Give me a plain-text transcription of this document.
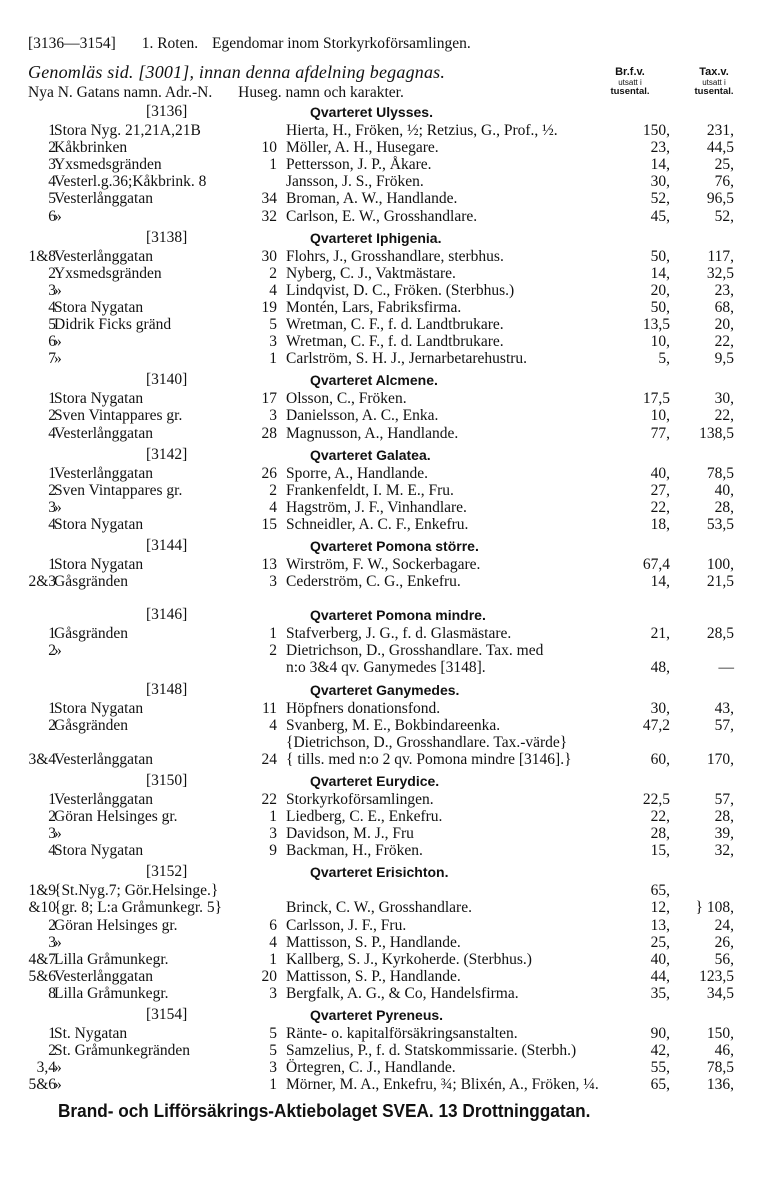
[3136—3154] 1. Roten. Egendomar inom Storkyrkoförsamlingen.
Genomläs sid. [3001], innan denna afdelning begagnas.
Nya N. Gatans namn. Adr.-N. Huseg. namn och karakter.
Br.f.v.
utsatt i
tusental.
Tax.v.
utsatt i
tusental.
[3136]	Qvarteret Ulysses.
1
Stora Nyg. 21,21A,21B	Hierta, H., Fröken, ½; Retzius, G., Prof., ½.	150,	231,
2
Kåkbrinken	10 Möller, A. H., Husegare.	23,	44,5
3
Yxsmedsgränden	1 Pettersson, J. P., Åkare.	14,	25,
4
Vesterl.g.36;Kåkbrink. 8	Jansson, J. S., Fröken.	30,	76,
5
Vesterlånggatan	34 Broman, A. W., Handlande.	52,	96,5
6
»	32 Carlson, E. W., Grosshandlare.	45,	52,
[3138]	Qvarteret Iphigenia.
1&8
Vesterlånggatan	30 Flohrs, J., Grosshandlare, sterbhus.	50,	117,
2
Yxsmedsgränden	2 Nyberg, C. J., Vaktmästare.	14,	32,5
3
»	4 Lindqvist, D. C., Fröken. (Sterbhus.)	20,	23,
4
Stora Nygatan	19 Montén, Lars, Fabriksfirma.	50,	68,
5
Didrik Ficks gränd	5 Wretman, C. F., f. d. Landtbrukare.	13,5	20,
6
»	3 Wretman, C. F., f. d. Landtbrukare.	10,	22,
7
»	1 Carlström, S. H. J., Jernarbetarehustru.	5,	9,5
[3140]	Qvarteret Alcmene.
1
Stora Nygatan	17 Olsson, C., Fröken.	17,5	30,
2
Sven Vintappares gr.	3 Danielsson, A. C., Enka.	10,	22,
4
Vesterlånggatan	28 Magnusson, A., Handlande.	77,	138,5
[3142]	Qvarteret Galatea.
1
Vesterlånggatan	26 Sporre, A., Handlande.	40,	78,5
2
Sven Vintappares gr.	2 Frankenfeldt, I. M. E., Fru.	27,	40,
3
»	4 Hagström, J. F., Vinhandlare.	22,	28,
4
Stora Nygatan	15 Schneidler, A. C. F., Enkefru.	18,	53,5
[3144]	Qvarteret Pomona större.
1
Stora Nygatan	13 Wirström, F. W., Sockerbagare.	67,4	100,
2&3
Gåsgränden	3 Cederström, C. G., Enkefru.	14,	21,5
[3146]	Qvarteret Pomona mindre.
1
Gåsgränden	1 Stafverberg, J. G., f. d. Glasmästare.	21,	28,5
2
»	2 Dietrichson, D., Grosshandlare. Tax. med
n:o 3&4 qv. Ganymedes [3148].	48,	—
[3148]	Qvarteret Ganymedes.
1
Stora Nygatan	11 Höpfners donationsfond.	30,	43,
2
Gåsgränden	4 Svanberg, M. E., Bokbindareenka.	47,2	57,
{Dietrichson, D., Grosshandlare. Tax.-värde}
3&4
Vesterlånggatan	24 { tills. med n:o 2 qv. Pomona mindre [3146].}	60,	170,
[3150]	Qvarteret Eurydice.
1
Vesterlånggatan	22 Storkyrkoförsamlingen.	22,5	57,
2
Göran Helsinges gr.	1 Liedberg, C. E., Enkefru.	22,	28,
3
»	3 Davidson, M. J., Fru	28,	39,
4
Stora Nygatan	9 Backman, H., Fröken.	15,	32,
[3152]	Qvarteret Erisichton.
1&9
{St.Nyg.7; Gör.Helsinge.}	65,
&10
{gr. 8; L:a Gråmunkegr. 5}	Brinck, C. W., Grosshandlare.	12,	} 108,
2
Göran Helsinges gr.	6 Carlsson, J. F., Fru.	13,	24,
3
»	4 Mattisson, S. P., Handlande.	25,	26,
4&7
Lilla Gråmunkegr.	1 Kallberg, S. J., Kyrkoherde. (Sterbhus.)	40,	56,
5&6
Vesterlånggatan	20 Mattisson, S. P., Handlande.	44,	123,5
8
Lilla Gråmunkegr.	3 Bergfalk, A. G., & Co, Handelsfirma.	35,	34,5
[3154]	Qvarteret Pyreneus.
1
St. Nygatan	5 Ränte- o. kapitalförsäkringsanstalten.	90,	150,
2
St. Gråmunkegränden	5 Samzelius, P., f. d. Statskommissarie. (Sterbh.)	42,	46,
3,4
»	3 Örtegren, C. J., Handlande.	55,	78,5
5&6
»	1 Mörner, M. A., Enkefru, ¾; Blixén, A., Fröken, ¼.	65,	136,
Brand- och Lifförsäkrings-Aktiebolaget SVEA. 13 Drottninggatan.
